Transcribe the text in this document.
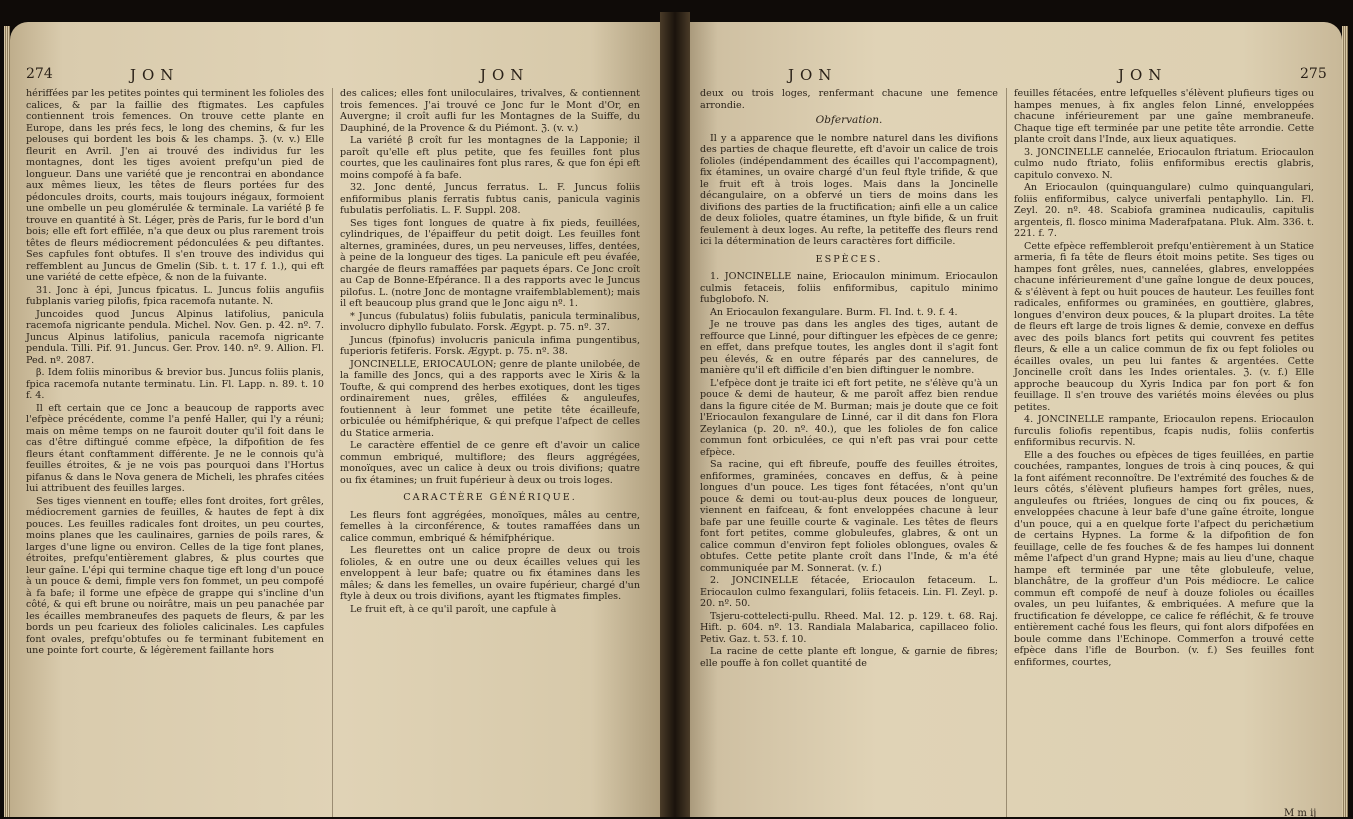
274	JON	JON

hériffées par les petites pointes qui terminent les folioles des calices, & par la faillie des ftigmates. Les capfules contiennent trois femences. On trouve cette plante en Europe, dans les prés fecs, le long des chemins, & fur les pelouses qui bordent les bois & les champs. ℨ. (v. v.) Elle fleurit en Avril. J'en ai trouvé des individus fur les montagnes, dont les tiges avoient prefqu'un pied de longueur. Dans une variété que je rencontrai en abondance aux mêmes lieux, les têtes de fleurs portées fur des pédoncules droits, courts, mais toujours inégaux, formoient une ombelle un peu glomérulée & terminale. La variété β fe trouve en quantité à St. Léger, près de Paris, fur le bord d'un bois; elle eft fort effilée, n'a que deux ou plus rarement trois têtes de fleurs médiocrement pédonculées & peu diftantes. Ses capfules font obtufes. Il s'en trouve des individus qui reffemblent au Juncus de Gmelin (Sib. t. t. 17 f. 1.), qui eft une variété de cette efpèce, & non de la fuivante.

31. Jonc à épi, Juncus fpicatus. L. Juncus foliis angufiis fubplanis varieg pilofis, fpica racemofa nutante. N.

Juncoides quod Juncus Alpinus latifolius, panicula racemofa nigricante pendula. Michel. Nov. Gen. p. 42. nº. 7. Juncus Alpinus latifolius, panicula racemofa nigricante pendula. Tilli. Pif. 91. Juncus. Ger. Prov. 140. nº. 9. Allion. Fl. Ped. nº. 2087.

β. Idem foliis minoribus & brevior bus. Juncus foliis planis, fpica racemofa nutante terminatu. Lin. Fl. Lapp. n. 89. t. 10 f. 4.

Il eft certain que ce Jonc a beaucoup de rapports avec l'efpèce précédente, comme l'a penfé Haller, qui l'y a réuni; mais on même temps on ne fauroit douter qu'il foit dans le cas d'être diftingué comme efpèce, la difpofition de fes fleurs étant conftamment différente. Je ne le connois qu'à feuilles étroites, & je ne vois pas pourquoi dans l'Hortus pifanus & dans le Nova genera de Micheli, les phrafes citées lui attribuent des feuilles larges.

Ses tiges viennent en touffe; elles font droites, fort grêles, médiocrement garnies de feuilles, & hautes de fept à dix pouces. Les feuilles radicales font droites, un peu courtes, moins planes que les caulinaires, garnies de poils rares, & larges d'une ligne ou environ. Celles de la tige font planes, étroites, prefqu'entièrement glabres, & plus courtes que leur gaîne. L'épi qui termine chaque tige eft long d'un pouce à un pouce & demi, fimple vers fon fommet, un peu compofé à fa bafe; il forme une efpèce de grappe qui s'incline d'un côté, & qui eft brune ou noirâtre, mais un peu panachée par les écailles membraneufes des paquets de fleurs, & par les bords un peu fcarieux des folioles calicinales. Les capfules font ovales, prefqu'obtufes ou fe terminant fubitement en une pointe fort courte, & légèrement faillante hors

des calices; elles font uniloculaires, trivalves, & contiennent trois femences. J'ai trouvé ce Jonc fur le Mont d'Or, en Auvergne; il croît aufli fur les Montagnes de la Suiffe, du Dauphiné, de la Provence & du Piémont. ℨ. (v. v.)

La variété β croît fur les montagnes de la Lapponie; il paroît qu'elle eft plus petite, que fes feuilles font plus courtes, que les caulinaires font plus rares, & que fon épi eft moins compofé à fa bafe.

32. Jonc denté, Juncus ferratus. L. F. Juncus foliis enfiformibus planis ferratis fubtus canis, panicula vaginis fubulatis perfoliatis. L. F. Suppl. 208.

Ses tiges font longues de quatre à fix pieds, feuillées, cylindriques, de l'épaiffeur du petit doigt. Les feuilles font alternes, graminées, dures, un peu nerveuses, liffes, dentées, à peine de la longueur des tiges. La panicule eft peu évafée, chargée de fleurs ramaffées par paquets épars. Ce Jonc croît au Cap de Bonne-Efpérance. Il a des rapports avec le Juncus pilofus. L. (notre Jonc de montagne vraifemblablement); mais il eft beaucoup plus grand que le Jonc aigu nº. 1.

* Juncus (fubulatus) foliis fubulatis, panicula terminalibus, involucro diphyllo fubulato. Forsk. Ægypt. p. 75. nº. 37.

Juncus (fpinofus) involucris panicula infima pungentibus, fuperioris fetiferis. Forsk. Ægypt. p. 75. nº. 38.

JONCINELLE, ERIOCAULON; genre de plante unilobée, de la famille des Joncs, qui a des rapports avec le Xiris & la Toufte, & qui comprend des herbes exotiques, dont les tiges ordinairement nues, grêles, effilées & anguleufes, foutiennent à leur fommet une petite tête écailleufe, orbiculée ou hémifphérique, & qui prefque l'afpect de celles du Statice armeria.

Le caractère effentiel de ce genre eft d'avoir un calice commun embriqué, multiflore; des fleurs aggrégées, monoïques, avec un calice à deux ou trois divifions; quatre ou fix étamines; un fruit fupérieur à deux ou trois loges.

CARACTÈRE GÉNÉRIQUE.

Les fleurs font aggrégées, monoïques, mâles au centre, femelles à la circonférence, & toutes ramaffées dans un calice commun, embriqué & hémifphérique.

Les fleurettes ont un calice propre de deux ou trois folioles, & en outre une ou deux écailles velues qui les enveloppent à leur bafe; quatre ou fix étamines dans les mâles; & dans les femelles, un ovaire fupérieur, chargé d'un ftyle à deux ou trois divifions, ayant les ftigmates fimples.

Le fruit eft, à ce qu'il paroît, une capfule à

JON	JON	275

deux ou trois loges, renfermant chacune une femence arrondie.

Obfervation.

Il y a apparence que le nombre naturel dans les divifions des parties de chaque fleurette, eft d'avoir un calice de trois folioles (indépendamment des écailles qui l'accompagnent), fix étamines, un ovaire chargé d'un feul ftyle trifide, & que le fruit eft à trois loges. Mais dans la Joncinelle décangulaire, on a obfervé un tiers de moins dans les divifions des parties de la fructification; ainfi elle a un calice de deux folioles, quatre étamines, un ftyle bifide, & un fruit feulement à deux loges. Au refte, la petiteffe des fleurs rend ici la détermination de leurs caractères fort difficile.

ESPÈCES.

1. JONCINELLE naine, Eriocaulon minimum. Eriocaulon culmis fetaceis, foliis enfiformibus, capitulo minimo fubglobofo. N.

An Eriocaulon fexangulare. Burm. Fl. Ind. t. 9. f. 4.

Je ne trouve pas dans les angles des tiges, autant de reffource que Linné, pour diftinguer les efpèces de ce genre; en effet, dans prefque toutes, les angles dont il s'agit font peu élevés, & en outre féparés par des cannelures, de manière qu'il eft difficile d'en bien diftinguer le nombre.

L'efpèce dont je traite ici eft fort petite, ne s'élève qu'à un pouce & demi de hauteur, & me paroît affez bien rendue dans la figure citée de M. Burman; mais je doute que ce foit l'Eriocaulon fexangulare de Linné, car il dit dans fon Flora Zeylanica (p. 20. nº. 40.), que les folioles de fon calice commun font orbiculées, ce qui n'eft pas vrai pour cette efpèce.

Sa racine, qui eft fibreufe, pouffe des feuilles étroites, enfiformes, graminées, concaves en deffus, & à peine longues d'un pouce. Les tiges font fétacées, n'ont qu'un pouce & demi ou tout-au-plus deux pouces de longueur, viennent en faifceau, & font enveloppées chacune à leur bafe par une feuille courte & vaginale. Les têtes de fleurs font fort petites, comme globuleufes, glabres, & ont un calice commun d'environ fept folioles oblongues, ovales & obtufes. Cette petite plante croît dans l'Inde, & m'a été communiquée par M. Sonnerat. (v. f.)

2. JONCINELLE fétacée, Eriocaulon fetaceum. L. Eriocaulon culmo fexangulari, foliis fetaceis. Lin. Fl. Zeyl. p. 20. nº. 50.

Tsjeru-cottelecti-pullu. Rheed. Mal. 12. p. 129. t. 68. Raj. Hift. p. 604. nº. 13. Randiala Malabarica, capillaceo folio. Petiv. Gaz. t. 53. f. 10.

La racine de cette plante eft longue, & garnie de fibres; elle pouffe à fon collet quantité de

feuilles fétacées, entre lefquelles s'élèvent plufieurs tiges ou hampes menues, à fix angles felon Linné, enveloppées chacune inférieurement par une gaîne membraneufe. Chaque tige eft terminée par une petite tête arrondie. Cette plante croît dans l'Inde, aux lieux aquatiques.

3. JONCINELLE cannelée, Eriocaulon ftriatum. Eriocaulon culmo nudo ftriato, foliis enfiformibus erectis glabris, capitulo convexo. N.

An Eriocaulon (quinquangulare) culmo quinquangulari, foliis enfiformibus, calyce univerfali pentaphyllo. Lin. Fl. Zeyl. 20. nº. 48. Scabiofa graminea nudicaulis, capitulis argenteis, fl. flosco minima Maderafpatana. Pluk. Alm. 336. t. 221. f. 7.

Cette efpèce reffembleroit prefqu'entièrement à un Statice armeria, fi fa tête de fleurs étoit moins petite. Ses tiges ou hampes font grêles, nues, cannelées, glabres, enveloppées chacune inférieurement d'une gaîne longue de deux pouces, & s'élèvent à fept ou huit pouces de hauteur. Les feuilles font radicales, enfiformes ou graminées, en gouttière, glabres, longues d'environ deux pouces, & la plupart droites. La tête de fleurs eft large de trois lignes & demie, convexe en deffus avec des poils blancs fort petits qui couvrent fes petites fleurs, & elle a un calice commun de fix ou fept folioles ou écailles ovales, un peu lui fantes & argentées. Cette Joncinelle croît dans les Indes orientales. ℨ. (v. f.) Elle approche beaucoup du Xyris Indica par fon port & fon feuillage. Il s'en trouve des variétés moins élevées ou plus petites.

4. JONCINELLE rampante, Eriocaulon repens. Eriocaulon furculis foliofis repentibus, fcapis nudis, foliis confertis enfiformibus recurvis. N.

Elle a des fouches ou efpèces de tiges feuillées, en partie couchées, rampantes, longues de trois à cinq pouces, & qui la font aifément reconnoître. De l'extrémité des fouches & de leurs côtés, s'élèvent plufieurs hampes fort grêles, nues, anguleufes ou ftriées, longues de cinq ou fix pouces, & enveloppées chacune à leur bafe d'une gaîne étroite, longue d'un pouce, qui a en quelque forte l'afpect du perichætium de certains Hypnes. La forme & la difpofition de fon feuillage, celle de fes fouches & de fes hampes lui donnent même l'afpect d'un grand Hypne; mais au lieu d'une, chaque hampe eft terminée par une tête globuleufe, velue, blanchâtre, de la groffeur d'un Pois médiocre. Le calice commun eft compofé de neuf à douze folioles ou écailles ovales, un peu luifantes, & embriquées. A mefure que la fructification fe développe, ce calice fe réfléchit, & fe trouve entièrement caché fous les fleurs, qui font alors difpofées en boule comme dans l'Echinope. Commerfon a trouvé cette efpèce dans l'ifle de Bourbon. (v. f.) Ses feuilles font enfiformes, courtes,

M m ij
